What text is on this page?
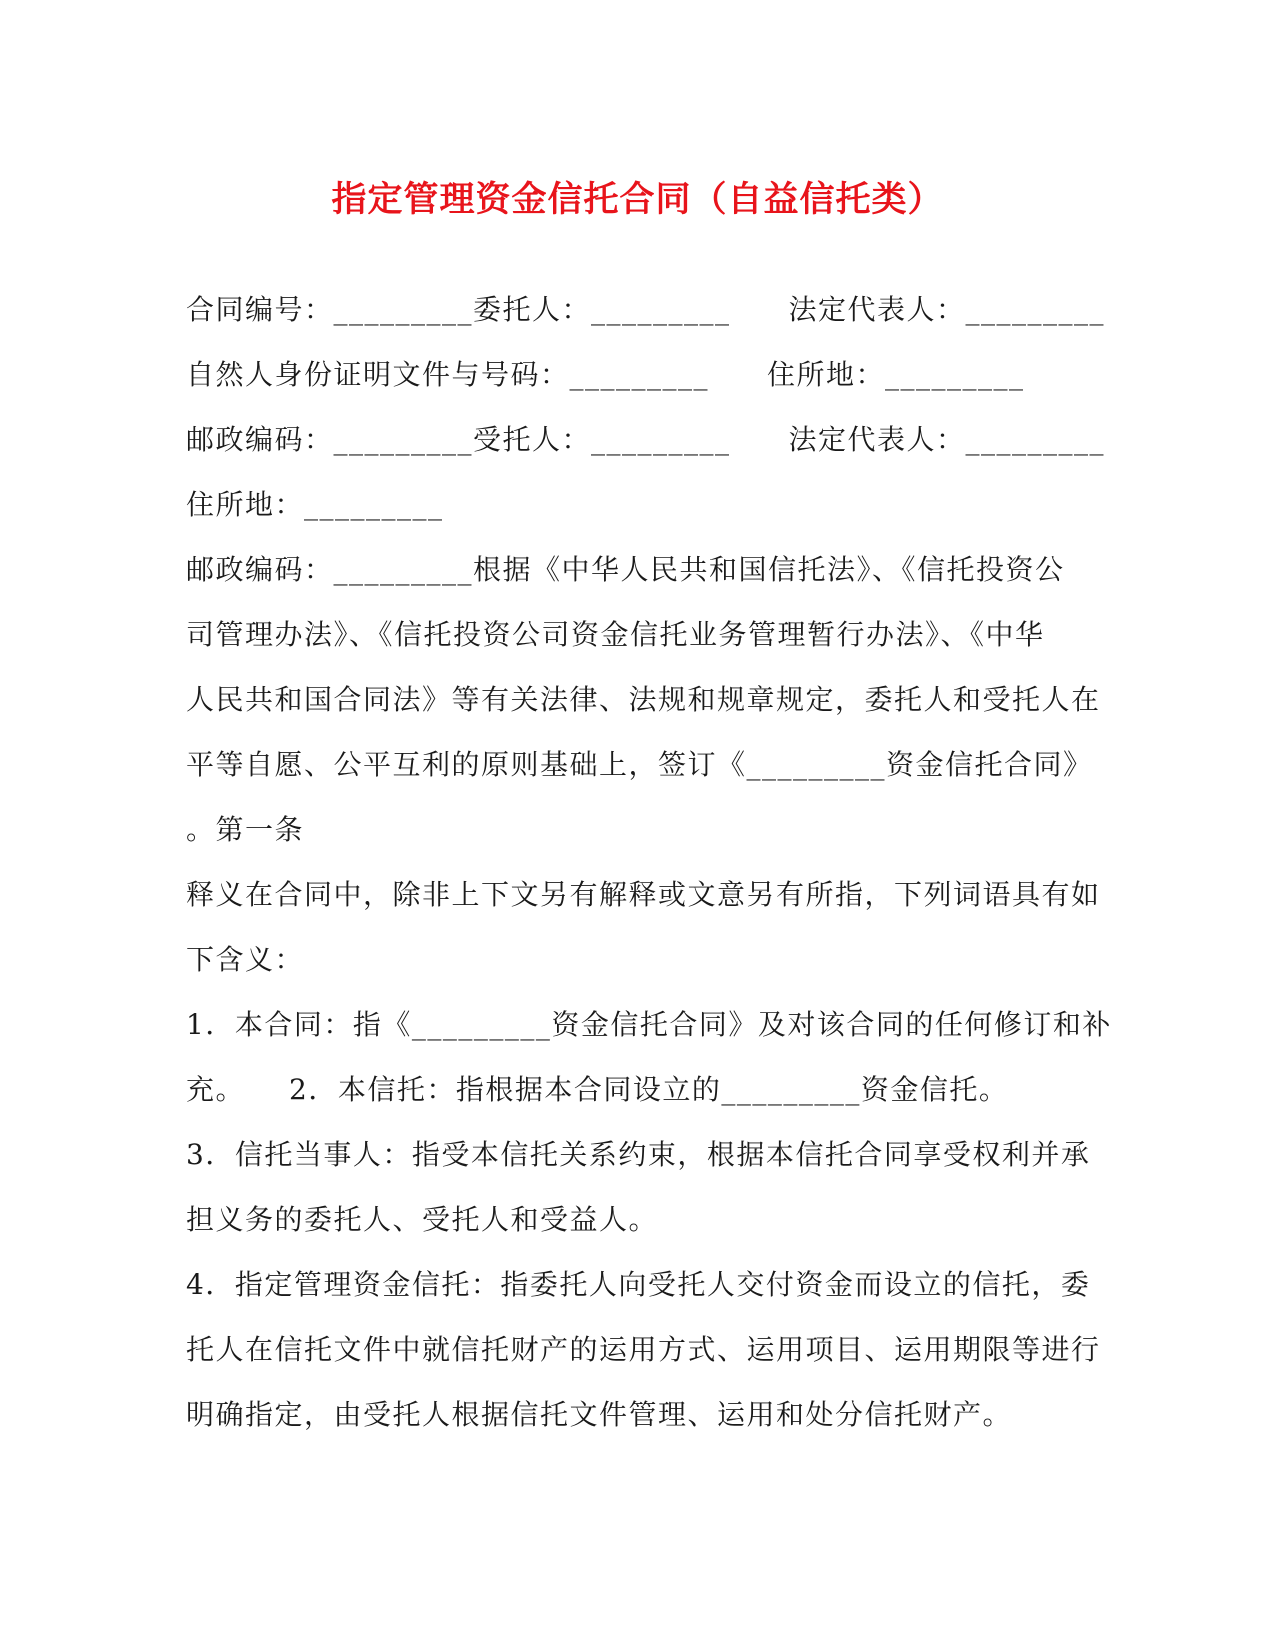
指定管理资金信托合同（自益信托类）
合同编号：_________委托人：_________ 法定代表人：_________
自然人身份证明文件与号码：_________ 住所地：_________
邮政编码：_________受托人：_________ 法定代表人：_________
住所地：_________
邮政编码：_________根据《中华人民共和国信托法》、《信托投资公
司管理办法》、《信托投资公司资金信托业务管理暂行办法》、《中华
人民共和国合同法》等有关法律、法规和规章规定，委托人和受托人在
平等自愿、公平互利的原则基础上，签订《_________资金信托合同》
。第一条
释义在合同中，除非上下文另有解释或文意另有所指，下列词语具有如
下含义：
1．本合同：指《_________资金信托合同》及对该合同的任何修订和补
充。 2．本信托：指根据本合同设立的_________资金信托。
3．信托当事人：指受本信托关系约束，根据本信托合同享受权利并承
担义务的委托人、受托人和受益人。
4．指定管理资金信托：指委托人向受托人交付资金而设立的信托，委
托人在信托文件中就信托财产的运用方式、运用项目、运用期限等进行
明确指定，由受托人根据信托文件管理、运用和处分信托财产。
